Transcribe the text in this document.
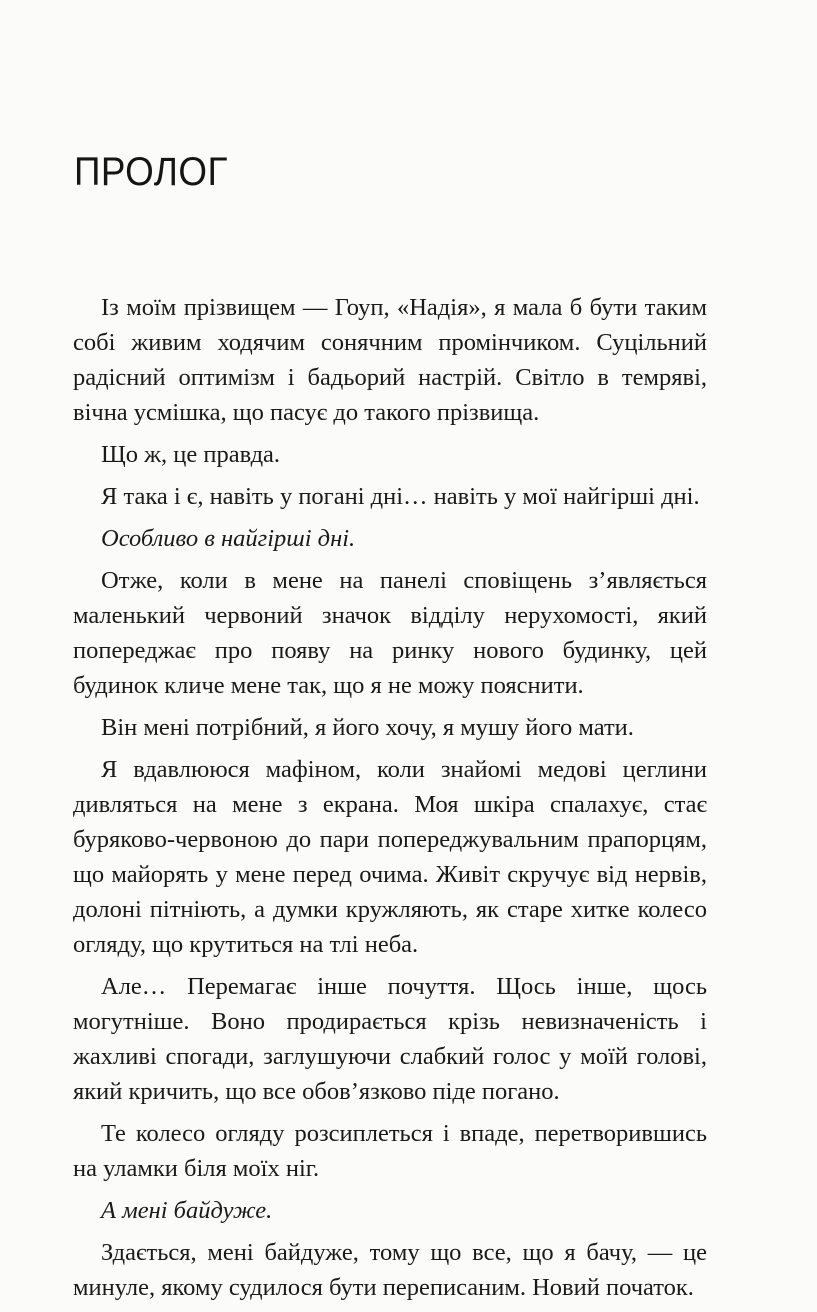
ПРОЛОГ

Із моїм прізвищем — Гоуп, «Надія», я мала б бути таким собі живим ходячим сонячним промінчиком. Суцільний радісний оптимізм і бадьорий настрій. Світло в темряві, вічна усмішка, що пасує до такого прізвища.

Що ж, це правда.

Я така і є, навіть у погані дні… навіть у мої найгірші дні.

Особливо в найгірші дні.

Отже, коли в мене на панелі сповіщень з’являється маленький червоний значок відділу нерухомості, який попереджає про появу на ринку нового будинку, цей будинок кличе мене так, що я не можу пояснити.

Він мені потрібний, я його хочу, я мушу його мати.

Я вдавлююся мафіном, коли знайомі медові цеглини дивляться на мене з екрана. Моя шкіра спалахує, стає буряково-червоною до пари попереджувальним прапорцям, що майорять у мене перед очима. Живіт скручує від нервів, долоні пітніють, а думки кружляють, як старе хиткe колесо огляду, що крутиться на тлі неба.

Але… Перемагає інше почуття. Щось інше, щось могутніше. Воно продирається крізь невизначеність і жахливі спогади, заглушуючи слабкий голос у моїй голові, який кричить, що все обов’язково піде погано.

Те колесо огляду розсиплеться і впаде, перетворившись на уламки біля моїх ніг.

А мені байдуже.

Здається, мені байдуже, тому що все, що я бачу, — це минуле, якому судилося бути переписаним. Новий початок.
